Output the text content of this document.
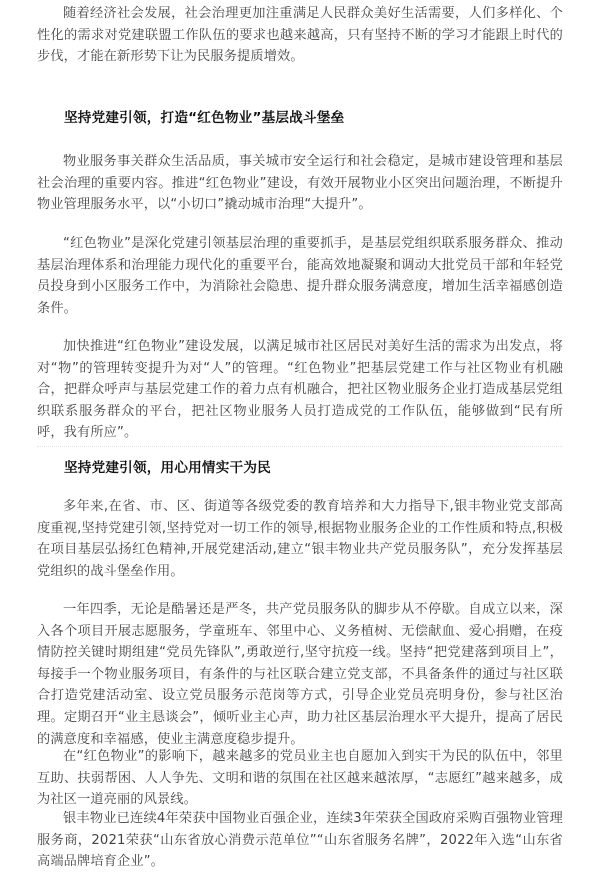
随着经济社会发展，社会治理更加注重满足人民群众美好生活需要，人们多样化、个性化的需求对党建联盟工作队伍的要求也越来越高，只有坚持不断的学习才能跟上时代的步伐，才能在新形势下让为民服务提质增效。

坚持党建引领，打造“红色物业”基层战斗堡垒

物业服务事关群众生活品质，事关城市安全运行和社会稳定，是城市建设管理和基层社会治理的重要内容。推进“红色物业”建设，有效开展物业小区突出问题治理，不断提升物业管理服务水平，以“小切口”撬动城市治理“大提升”。

“红色物业”是深化党建引领基层治理的重要抓手，是基层党组织联系服务群众、推动基层治理体系和治理能力现代化的重要平台，能高效地凝聚和调动大批党员干部和年轻党员投身到小区服务工作中，为消除社会隐患、提升群众服务满意度，增加生活幸福感创造条件。

加快推进“红色物业”建设发展，以满足城市社区居民对美好生活的需求为出发点，将对“物”的管理转变提升为对“人”的管理。“红色物业”把基层党建工作与社区物业有机融合，把群众呼声与基层党建工作的着力点有机融合，把社区物业服务企业打造成基层党组织联系服务群众的平台，把社区物业服务人员打造成党的工作队伍，能够做到“民有所呼，我有所应”。

坚持党建引领，用心用情实干为民

多年来,在省、市、区、街道等各级党委的教育培养和大力指导下,银丰物业党支部高度重视,坚持党建引领,坚持党对一切工作的领导,根据物业服务企业的工作性质和特点,积极在项目基层弘扬红色精神,开展党建活动,建立“银丰物业共产党员服务队”，充分发挥基层党组织的战斗堡垒作用。

一年四季，无论是酷暑还是严冬，共产党员服务队的脚步从不停歇。自成立以来，深入各个项目开展志愿服务，学童班车、邻里中心、义务植树、无偿献血、爱心捐赠，在疫情防控关键时期组建“党员先锋队”,勇敢逆行,坚守抗疫一线。坚持“把党建落到项目上”，每接手一个物业服务项目，有条件的与社区联合建立党支部，不具备条件的通过与社区联合打造党建活动室、设立党员服务示范岗等方式，引导企业党员亮明身份，参与社区治理。定期召开“业主恳谈会”，倾听业主心声，助力社区基层治理水平大提升，提高了居民的满意度和幸福感，使业主满意度稳步提升。

在“红色物业”的影响下，越来越多的党员业主也自愿加入到实干为民的队伍中，邻里互助、扶弱帮困、人人争先、文明和谐的氛围在社区越来越浓厚，“志愿红”越来越多，成为社区一道亮丽的风景线。

银丰物业已连续4年荣获中国物业百强企业，连续3年荣获全国政府采购百强物业管理服务商，2021荣获“山东省放心消费示范单位”“山东省服务名牌”，2022年入选“山东省高端品牌培育企业”。
